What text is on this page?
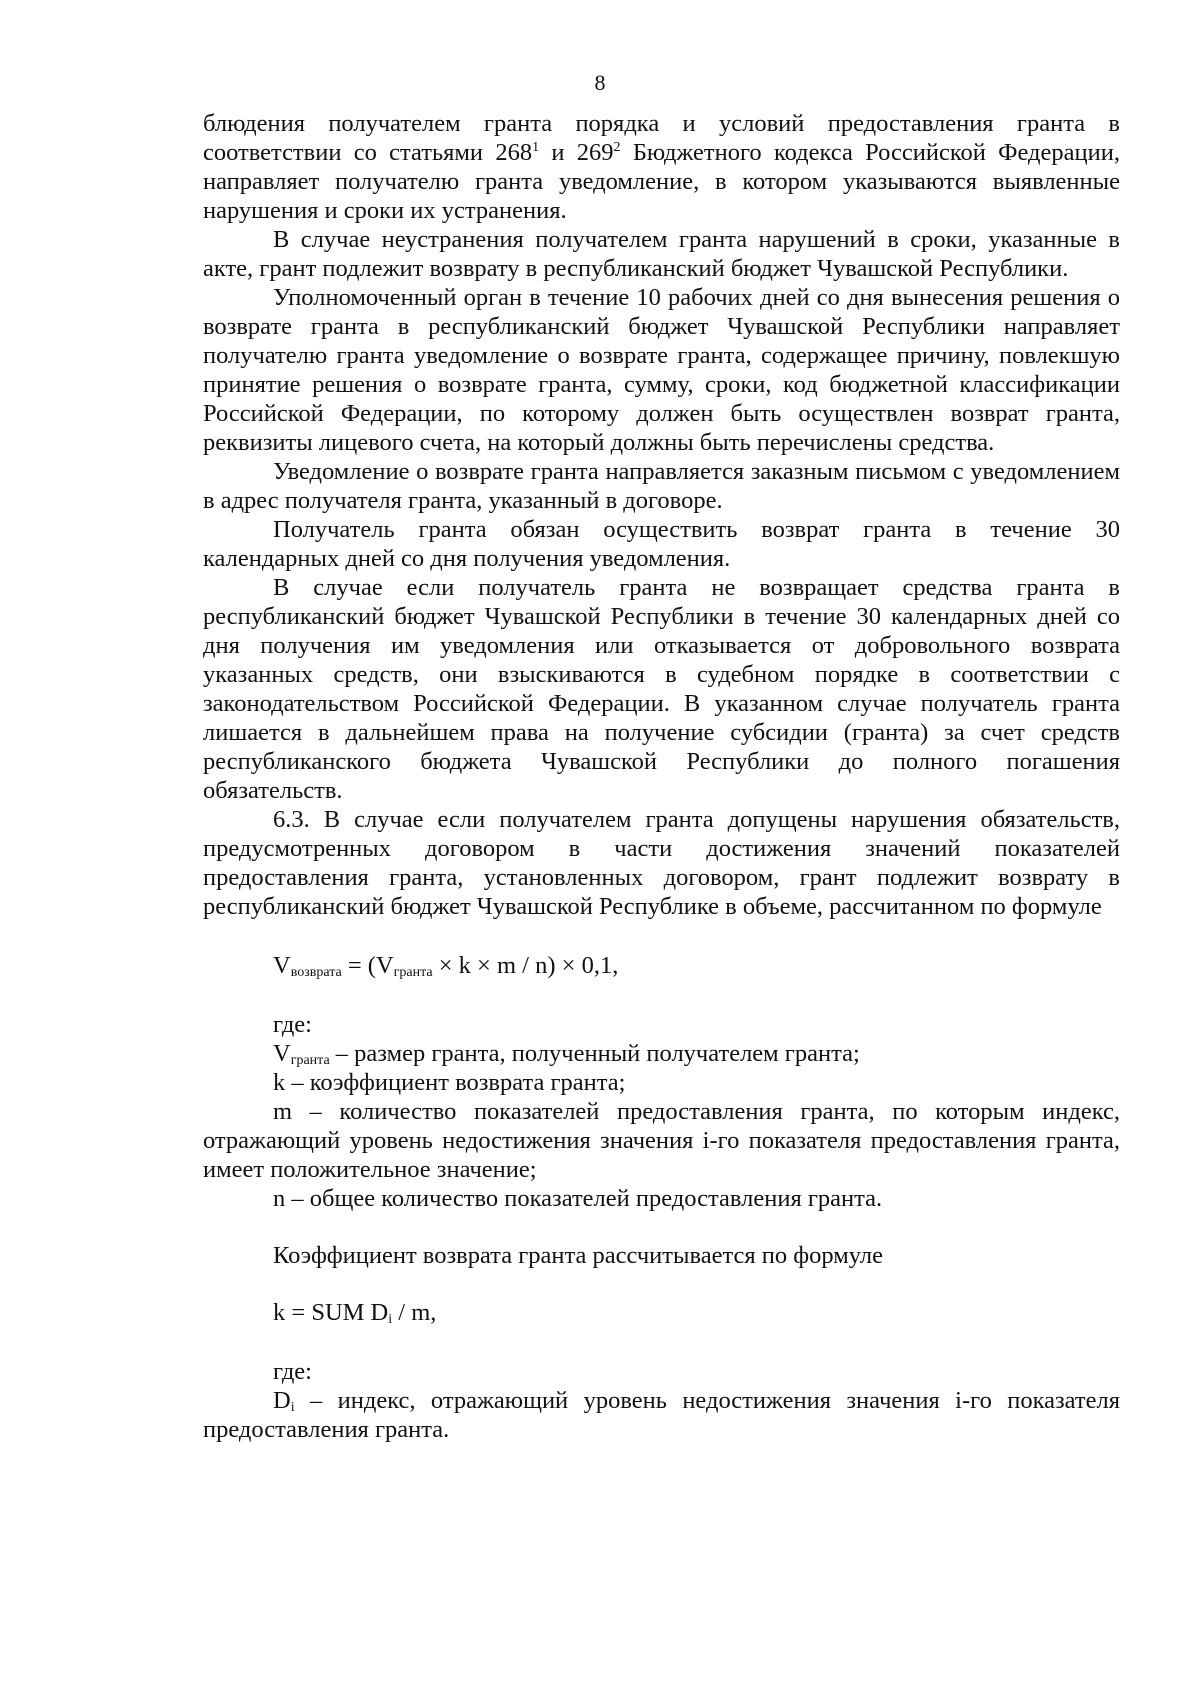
8

блюдения получателем гранта порядка и условий предоставления гранта в соответствии со статьями $268^1$ и $269^2$ Бюджетного кодекса Российской Федерации, направляет получателю гранта уведомление, в котором указываются выявленные нарушения и сроки их устранения.

В случае неустранения получателем гранта нарушений в сроки, указанные в акте, грант подлежит возврату в республиканский бюджет Чувашской Республики.

Уполномоченный орган в течение 10 рабочих дней со дня вынесения решения о возврате гранта в республиканский бюджет Чувашской Республики направляет получателю гранта уведомление о возврате гранта, содержащее причину, повлекшую принятие решения о возврате гранта, сумму, сроки, код бюджетной классификации Российской Федерации, по которому должен быть осуществлен возврат гранта, реквизиты лицевого счета, на который должны быть перечислены средства.

Уведомление о возврате гранта направляется заказным письмом с уведомлением в адрес получателя гранта, указанный в договоре.

Получатель гранта обязан осуществить возврат гранта в течение 30 календарных дней со дня получения уведомления.

В случае если получатель гранта не возвращает средства гранта в республиканский бюджет Чувашской Республики в течение 30 календарных дней со дня получения им уведомления или отказывается от добровольного возврата указанных средств, они взыскиваются в судебном порядке в соответствии с законодательством Российской Федерации. В указанном случае получатель гранта лишается в дальнейшем права на получение субсидии (гранта) за счет средств республиканского бюджета Чувашской Республики до полного погашения обязательств.

6.3. В случае если получателем гранта допущены нарушения обязательств, предусмотренных договором в части достижения значений показателей предоставления гранта, установленных договором, грант подлежит возврату в республиканский бюджет Чувашской Республике в объеме, рассчитанном по формуле

$V_{возврата} = (V_{гранта} \times k \times m / n) \times 0,1$,

где:

$V_{гранта}$ – размер гранта, полученный получателем гранта;

k – коэффициент возврата гранта;

m – количество показателей предоставления гранта, по которым индекс, отражающий уровень недостижения значения i-го показателя предоставления гранта, имеет положительное значение;

n – общее количество показателей предоставления гранта.

Коэффициент возврата гранта рассчитывается по формуле

k = SUM $D_i$ / m,

где:

$D_i$ – индекс, отражающий уровень недостижения значения i-го показателя предоставления гранта.
